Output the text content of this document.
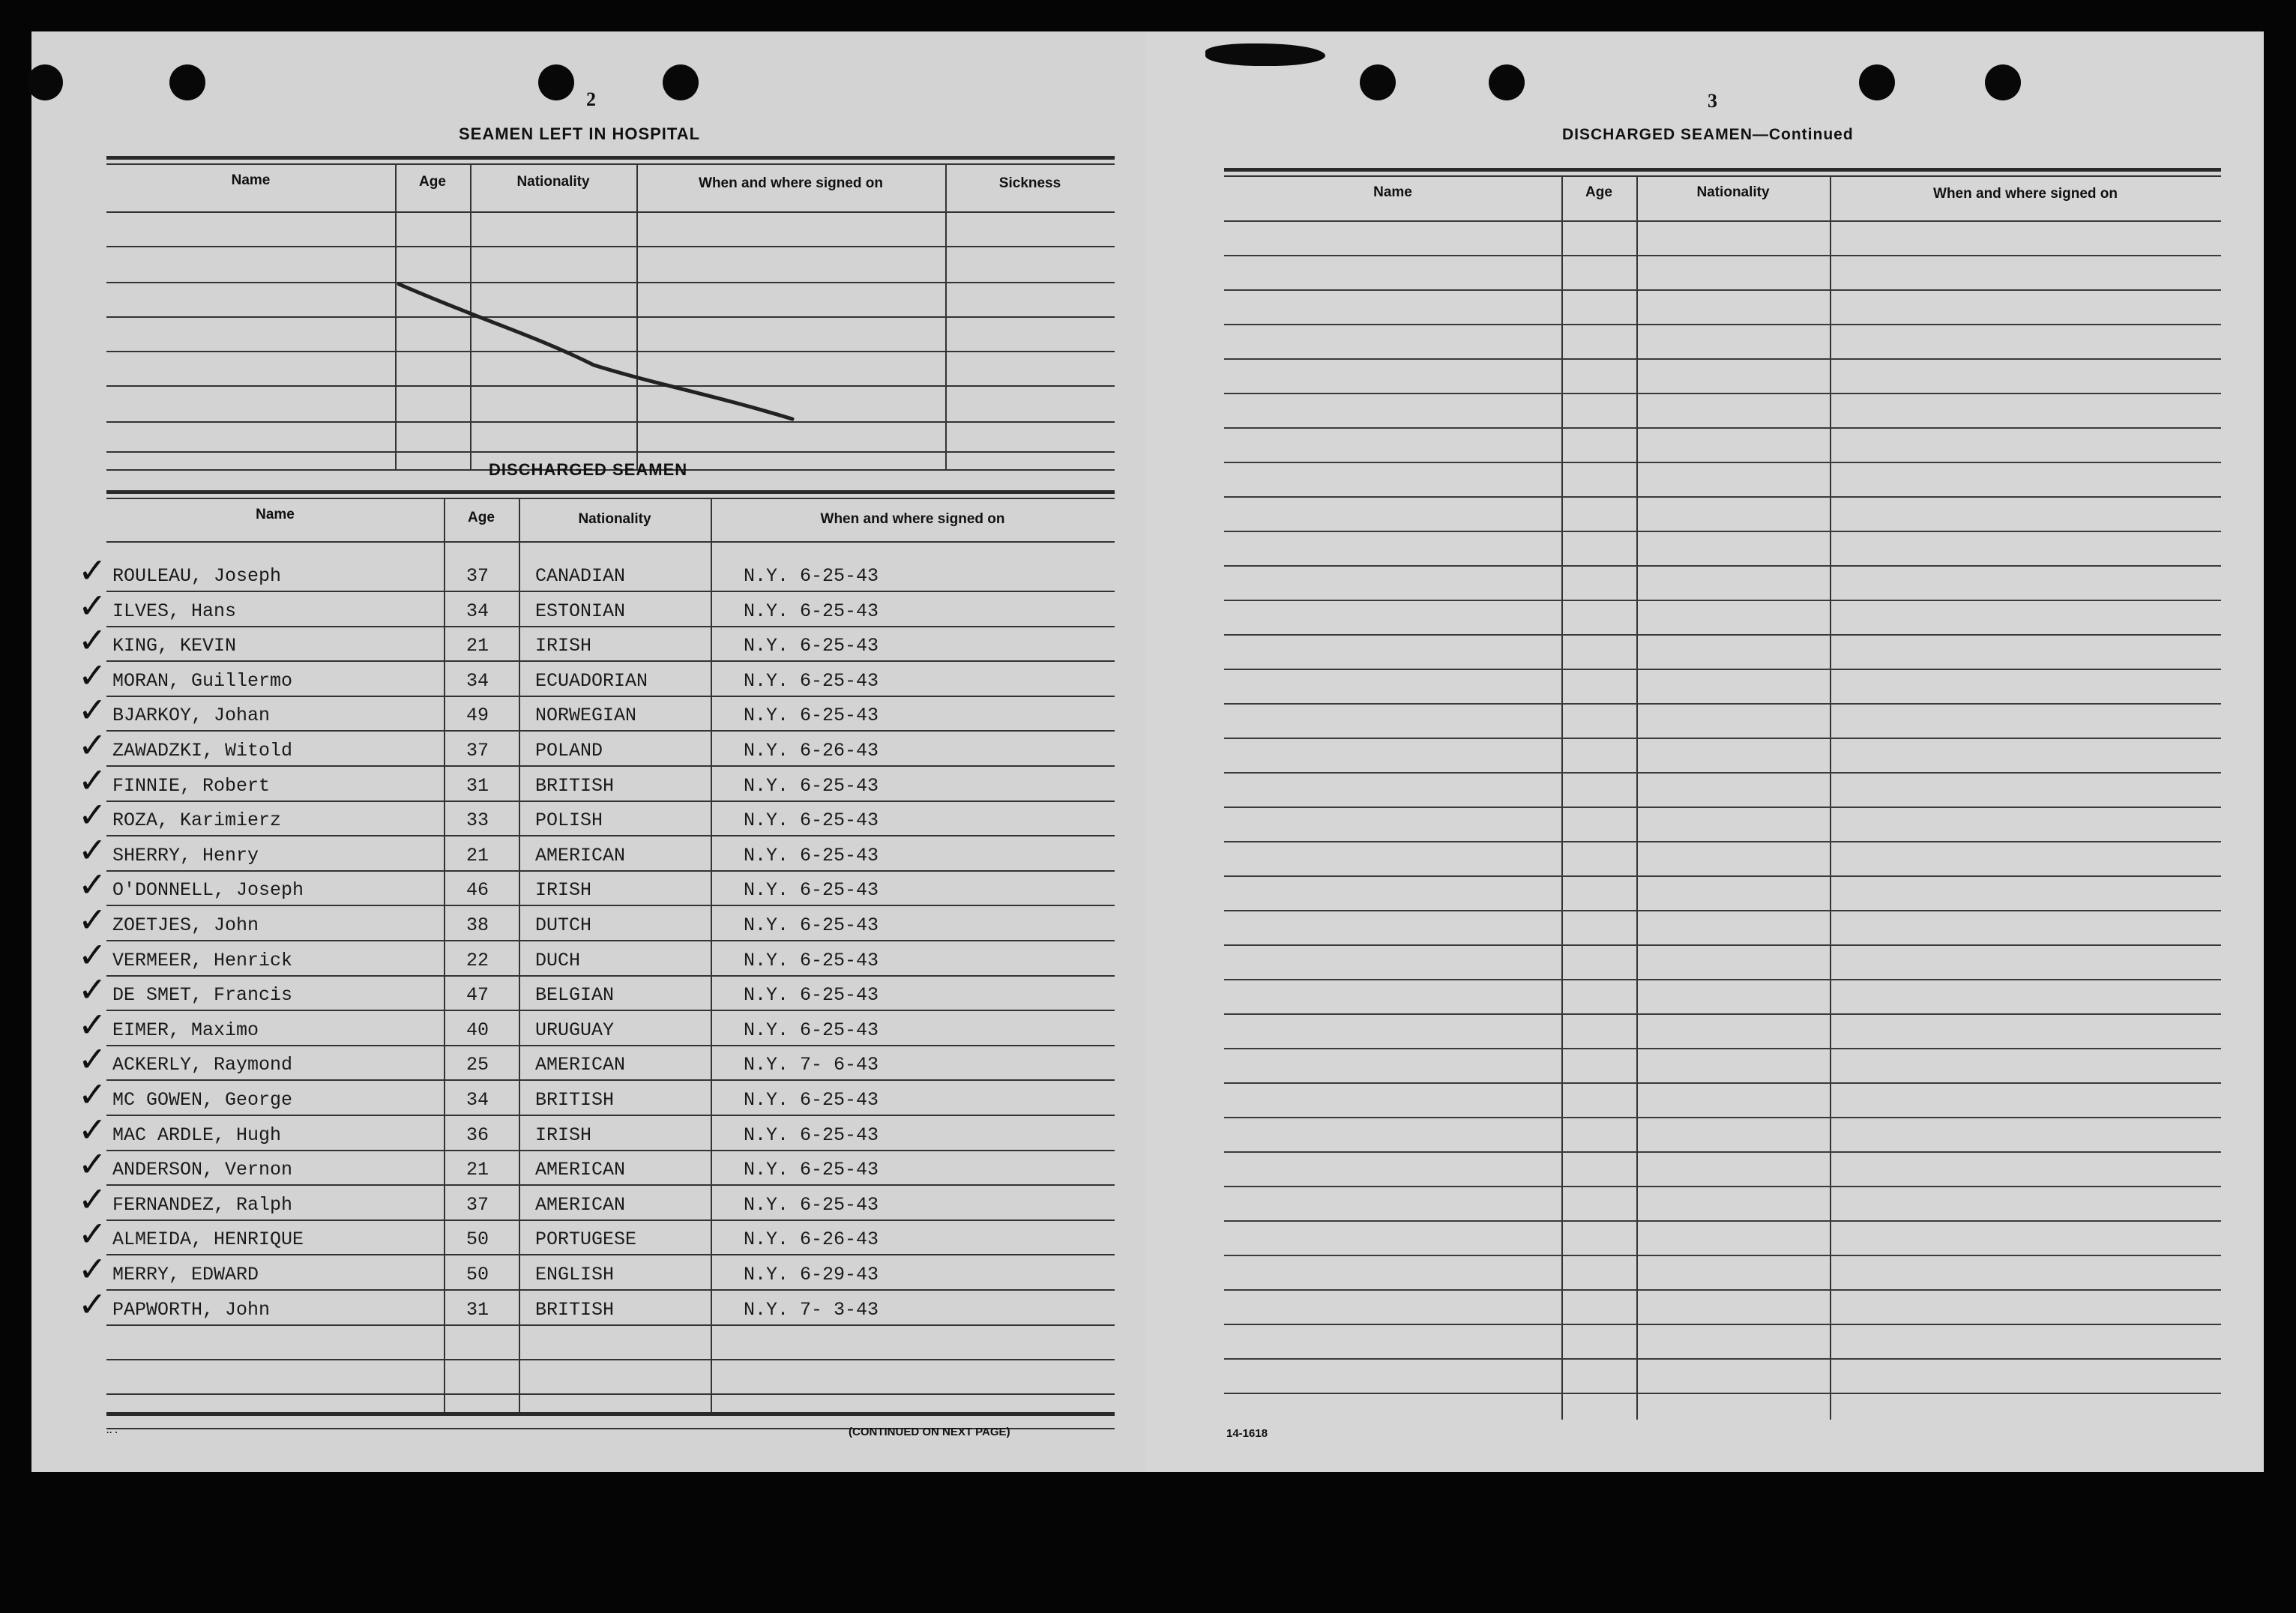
2
SEAMEN LEFT IN HOSPITAL
Name	Age	Nationality	When and where signed on	Sickness
DISCHARGED SEAMEN
Name	Age	Nationality	When and where signed on
✓ ROULEAU, Joseph	37 CANADIAN	N.Y. 6-25-43
✓ ILVES, Hans	34 ESTONIAN	N.Y. 6-25-43
✓ KING, KEVIN	21 IRISH	N.Y. 6-25-43
✓ MORAN, Guillermo	34 ECUADORIAN	N.Y. 6-25-43
✓ BJARKOY, Johan	49 NORWEGIAN	N.Y. 6-25-43
✓ ZAWADZKI, Witold	37 POLAND	N.Y. 6-26-43
✓ FINNIE, Robert	31 BRITISH	N.Y. 6-25-43
✓ ROZA, Karimierz	33 POLISH	N.Y. 6-25-43
✓ SHERRY, Henry	21 AMERICAN	N.Y. 6-25-43
✓ O'DONNELL, Joseph	46 IRISH	N.Y. 6-25-43
✓ ZOETJES, John	38 DUTCH	N.Y. 6-25-43
✓ VERMEER, Henrick	22 DUCH	N.Y. 6-25-43
✓ DE SMET, Francis	47 BELGIAN	N.Y. 6-25-43
✓ EIMER, Maximo	40 URUGUAY	N.Y. 6-25-43
✓ ACKERLY, Raymond	25 AMERICAN	N.Y. 7- 6-43
✓ MC GOWEN, George	34 BRITISH	N.Y. 6-25-43
✓ MAC ARDLE, Hugh	36 IRISH	N.Y. 6-25-43
✓ ANDERSON, Vernon	21 AMERICAN	N.Y. 6-25-43
✓ FERNANDEZ, Ralph	37 AMERICAN	N.Y. 6-25-43
✓ ALMEIDA, HENRIQUE	50 PORTUGESE	N.Y. 6-26-43
✓ MERRY, EDWARD	50 ENGLISH	N.Y. 6-29-43
✓ PAPWORTH, John	31 BRITISH	N.Y. 7- 3-43
·· ·	(CONTINUED ON NEXT PAGE)
3
DISCHARGED SEAMEN—Continued
Name	Age	Nationality	When and where signed on
14-1618
